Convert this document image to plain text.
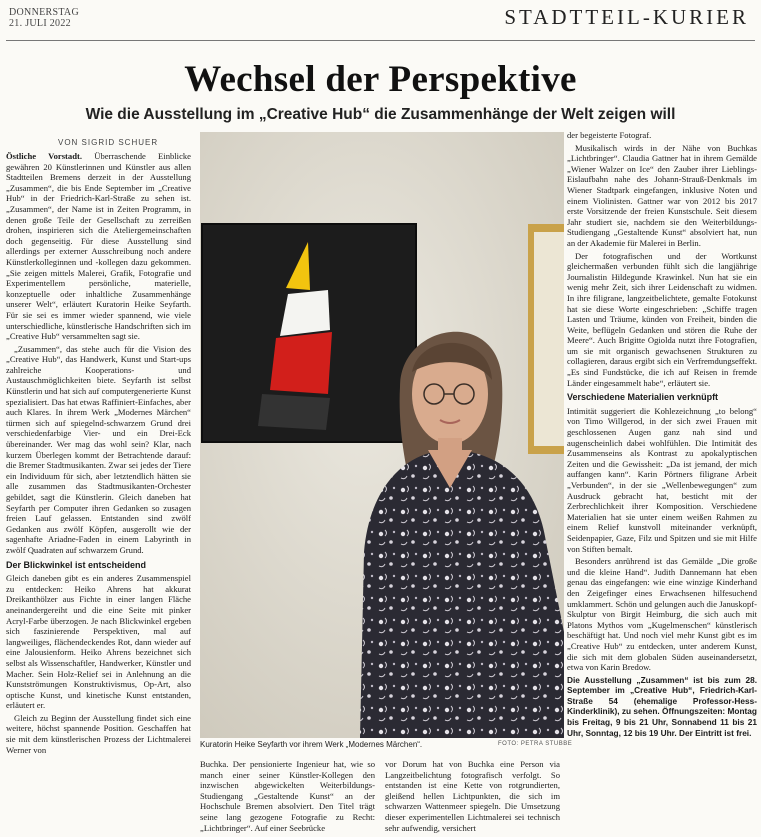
DONNERSTAG
21. JULI 2022	STADTTEIL-KURIER
Wechsel der Perspektive
Wie die Ausstellung im „Creative Hub“ die Zusammenhänge der Welt zeigen will
VON SIGRID SCHUER

Östliche Vorstadt. Überraschende Einblicke gewähren 20 Künstlerinnen und Künstler aus allen Stadtteilen Bremens derzeit in der Ausstellung „Zusammen“, die bis Ende September im „Creative Hub“ in der Friedrich-Karl-Straße zu sehen ist. „Zusammen“, der Name ist in Zeiten Programm, in denen große Teile der Gesellschaft zu zerreißen drohen, inspirieren sich die Ateliergemeinschaften doch gegenseitig. Für diese Ausstellung sind allerdings per externer Ausschreibung noch andere Künstlerkolleginnen und -kollegen dazu gekommen. „Sie zeigen mittels Malerei, Grafik, Fotografie und Experimentellem persönliche, materielle, konzeptuelle oder inhaltliche Zusammenhänge unserer Welt“, erläutert Kuratorin Heike Seyfarth. Für sie sei es immer wieder spannend, wie viele unterschiedliche, künstlerische Handschriften sich im „Creative Hub“ versammelten sagt sie.

„Zusammen“, das stehe auch für die Vision des „Creative Hub“, das Handwerk, Kunst und Start-ups zahlreiche Kooperations- und Austauschmöglichkeiten biete. Seyfarth ist selbst Künstlerin und hat sich auf computergenerierte Kunst spezialisiert. Das hat etwas Raffiniert-Einfaches, aber auch Klares. In ihrem Werk „Modernes Märchen“ türmen sich auf spiegelnd-schwarzem Grund drei verschiedenfarbige Vier- und ein Drei-Eck übereinander. Wer mag das wohl sein? Klar, nach kurzem Überlegen kommt der Betrachtende darauf: die Bremer Stadtmusikanten. Zwar sei jedes der Tiere ein Individuum für sich, aber letztendlich hätten sie alle zusammen das Stadtmusikanten-Orchester gebildet, sagt die Künstlerin. Gleich daneben hat Seyfarth per Computer ihren Gedanken so zusagen freien Lauf gelassen. Entstanden sind zwölf Gedanken aus zwölf Köpfen, ausgerollt wie der sagenhafte Ariadne-Faden in einem Labyrinth in zwölf Quadraten auf schwarzem Grund.

Der Blickwinkel ist entscheidend

Gleich daneben gibt es ein anderes Zusammenspiel zu entdecken: Heiko Ahrens hat akkurat Dreikanthölzer aus Fichte in einer langen Fläche aneinandergereiht und die eine Seite mit pinker Acryl-Farbe überzogen. Je nach Blickwinkel ergeben sich faszinierende Perspektiven, mal auf langweiliges, flächendeckendes Rot, dann wieder auf eine Jalousienform. Heiko Ahrens bezeichnet sich selbst als Wissenschaftler, Handwerker, Künstler und Macher. Sein Holz-Relief sei in Anlehnung an die Kunstströmungen Konstruktivismus, Op-Art, also optische Kunst, und kinetische Kunst entstanden, erläutert er.

Gleich zu Beginn der Ausstellung findet sich eine weitere, höchst spannende Position. Geschaffen hat sie mit dem künstlerischen Prozess der Lichtmalerei Werner von

Kuratorin Heike Seyfarth vor ihrem Werk „Modernes Märchen“.	FOTO: PETRA STUBBE
Buchka. Der pensionierte Ingenieur hat, wie so manch einer seiner Künstler-Kollegen den inzwischen abgewickelten Weiterbildungs-Studiengang „Gestaltende Kunst“ an der Hochschule Bremen absolviert. Den Titel trägt seine lang gezogene Fotografie zu Recht: „Lichtbringer“. Auf einer Seebrücke
vor Dorum hat von Buchka eine Person via Langzeitbelichtung fotografisch verfolgt. So entstanden ist eine Kette von rotgrundierten, gleißend hellen Lichtpunkten, die sich im schwarzen Wattenmeer spiegeln. Die Umsetzung dieser experimentellen Lichtmalerei sei technisch sehr aufwendig, versichert

der begeisterte Fotograf.

Musikalisch wirds in der Nähe von Buchkas „Lichtbringer“. Claudia Gattner hat in ihrem Gemälde „Wiener Walzer on Ice“ den Zauber ihrer Lieblings-Eislaufbahn nahe des Johann-Strauß-Denkmals im Wiener Stadtpark eingefangen, inklusive Noten und einem Violinisten. Gattner war von 2012 bis 2017 erste Vorsitzende der freien Kunstschule. Seit diesem Jahr studiert sie, nachdem sie den Weiterbildungs-Studiengang „Gestaltende Kunst“ absolviert hat, nun an der Akademie für Malerei in Berlin.

Der fotografischen und der Wortkunst gleichermaßen verbunden fühlt sich die langjährige Journalistin Hildegunde Krawinkel. Nun hat sie ein wenig mehr Zeit, sich ihrer Leidenschaft zu widmen. In ihre filigrane, langzeitbelichtete, gemalte Fotokunst hat sie diese Worte eingeschrieben: „Schiffe tragen Lasten und Träume, künden von Freiheit, binden die Weite, beflügeln Gedanken und stören die Ruhe der Meere“. Auch Brigitte Ogiolda nutzt ihre Fotografien, um sie mit organisch gewachsenen Strukturen zu collagieren, daraus ergibt sich ein Verfremdungseffekt. „Es sind Fundstücke, die ich auf Reisen in fremde Länder eingesammelt habe“, erläutert sie.

Verschiedene Materialien verknüpft

Intimität suggeriert die Kohlezeichnung „to belong“ von Timo Willgerod, in der sich zwei Frauen mit geschlossenen Augen ganz nah sind und augenscheinlich dabei wohlfühlen. Die Intimität des Zusammenseins als Kontrast zu apokalyptischen Zeiten und die Gewissheit: „Da ist jemand, der mich auffangen kann“. Karin Pörtners filigrane Arbeit „Verbunden“, in der sie „Wellenbewegungen“ zum Ausdruck gebracht hat, besticht mit der Zerbrechlichkeit ihrer Komposition. Verschiedene Materialien hat sie unter einem weißen Rahmen zu einem Relief kunstvoll miteinander verknüpft, Seidenpapier, Gaze, Filz und Spitzen und sie mit Hilfe von Stiften bemalt.

Besonders anrührend ist das Gemälde „Die große und die kleine Hand“. Judith Dannemann hat eben genau das eingefangen: wie eine winzige Kinderhand den Zeigefinger eines Erwachsenen hilfesuchend umklammert. Schön und gelungen auch die Januskopf-Skulptur von Birgit Heimburg, die sich auch mit Platons Mythos vom „Kugelmenschen“ künstlerisch beschäftigt hat. Und noch viel mehr Kunst gibt es im „Creative Hub“ zu entdecken, unter anderem Kunst, die sich mit dem globalen Süden auseinandersetzt, etwa von Karin Bredow.

Die Ausstellung „Zusammen“ ist bis zum 28. September im „Creative Hub“, Friedrich-Karl-Straße 54 (ehemalige Professor-Hess-Kinderklinik), zu sehen. Öffnungszeiten: Montag bis Freitag, 9 bis 21 Uhr, Sonnabend 11 bis 21 Uhr, Sonntag, 12 bis 19 Uhr. Der Eintritt ist frei.
